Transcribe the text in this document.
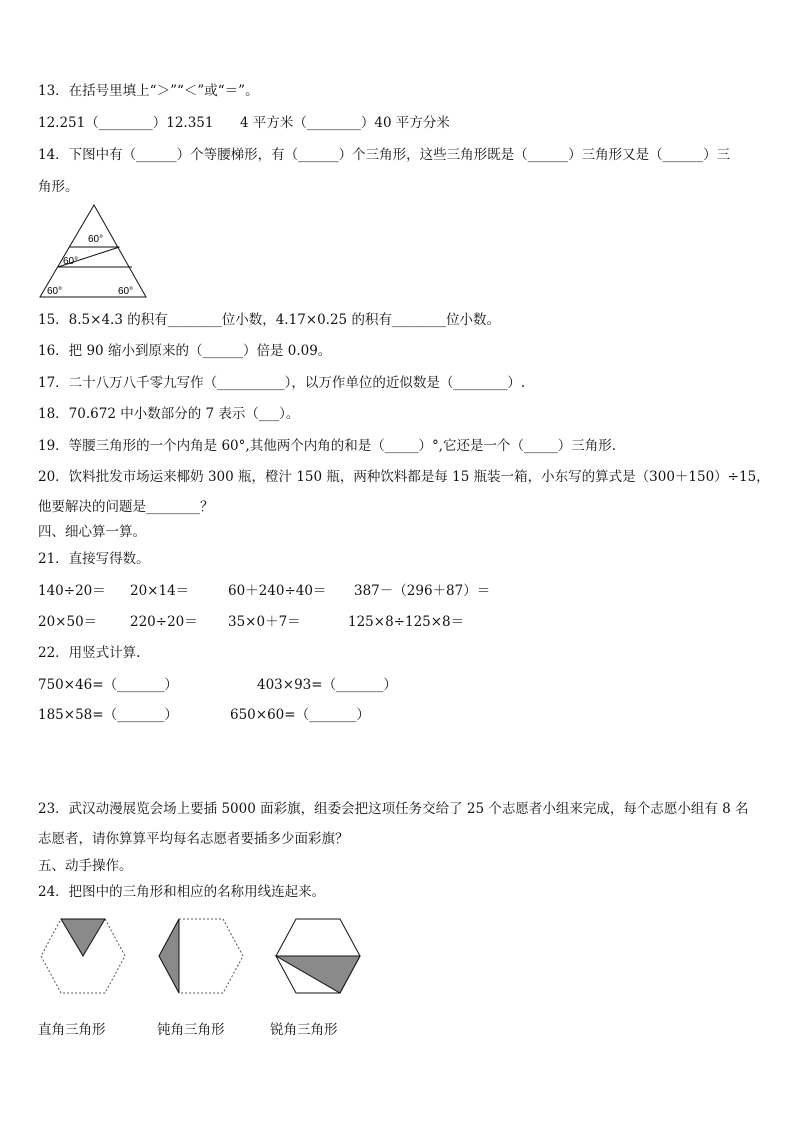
13．在括号里填上“＞”“＜”或“＝”。
12.251（________）12.351 4 平方米（________）40 平方分米
14．下图中有（______）个等腰梯形，有（______）个三角形，这些三角形既是（______）三角形又是（______）三
角形。
60°
60°
60°	60°
15．8.5×4.3 的积有________位小数，4.17×0.25 的积有________位小数。
16．把 90 缩小到原来的（______）倍是 0.09。
17．二十八万八千零九写作（__________），以万作单位的近似数是（________）.
18．70.672 中小数部分的 7 表示（___）。
19．等腰三角形的一个内角是 60°,其他两个内角的和是（_____）°,它还是一个（_____）三角形.
20．饮料批发市场运来椰奶 300 瓶，橙汁 150 瓶，两种饮料都是每 15 瓶装一箱，小东写的算式是（300＋150）÷15，
他要解决的问题是________？
四、细心算一算。
21．直接写得数。
140÷20＝ 20×14＝	60＋240÷40＝ 387－（296＋87）＝
20×50＝ 220÷20＝ 35×0＋7＝	125×8÷125×8＝
22．用竖式计算.
750×46=（_______）	403×93=（_______）
185×58=（_______）	650×60=（_______）
23．武汉动漫展览会场上要插 5000 面彩旗，组委会把这项任务交给了 25 个志愿者小组来完成，每个志愿小组有 8 名
志愿者，请你算算平均每名志愿者要插多少面彩旗？
五、动手操作。
24．把图中的三角形和相应的名称用线连起来。
直角三角形	钝角三角形	锐角三角形
